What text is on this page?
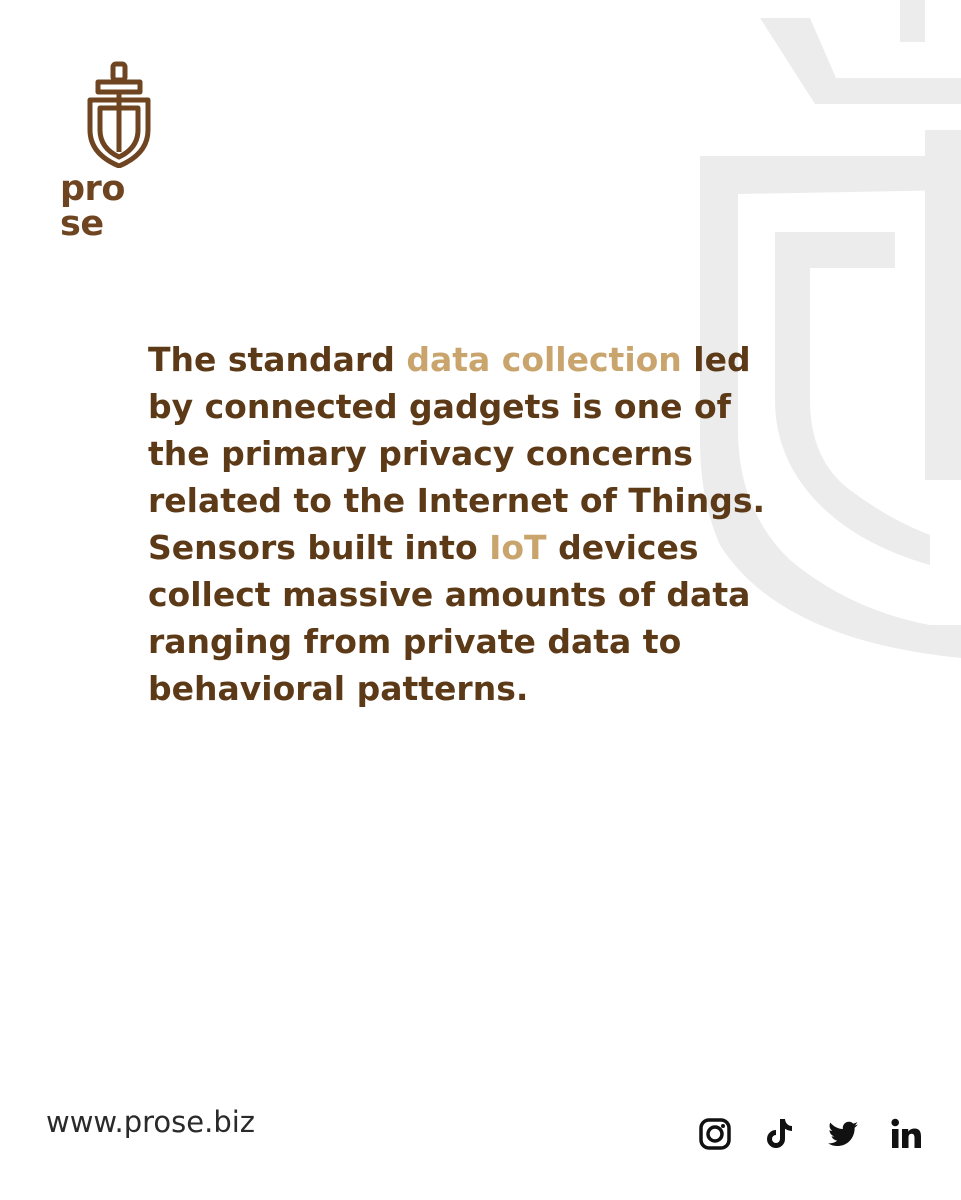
pro se

The standard data collection led
by connected gadgets is one of
the primary privacy concerns
related to the Internet of Things.
Sensors built into IoT devices
collect massive amounts of data
ranging from private data to
behavioral patterns.

www.prose.biz
